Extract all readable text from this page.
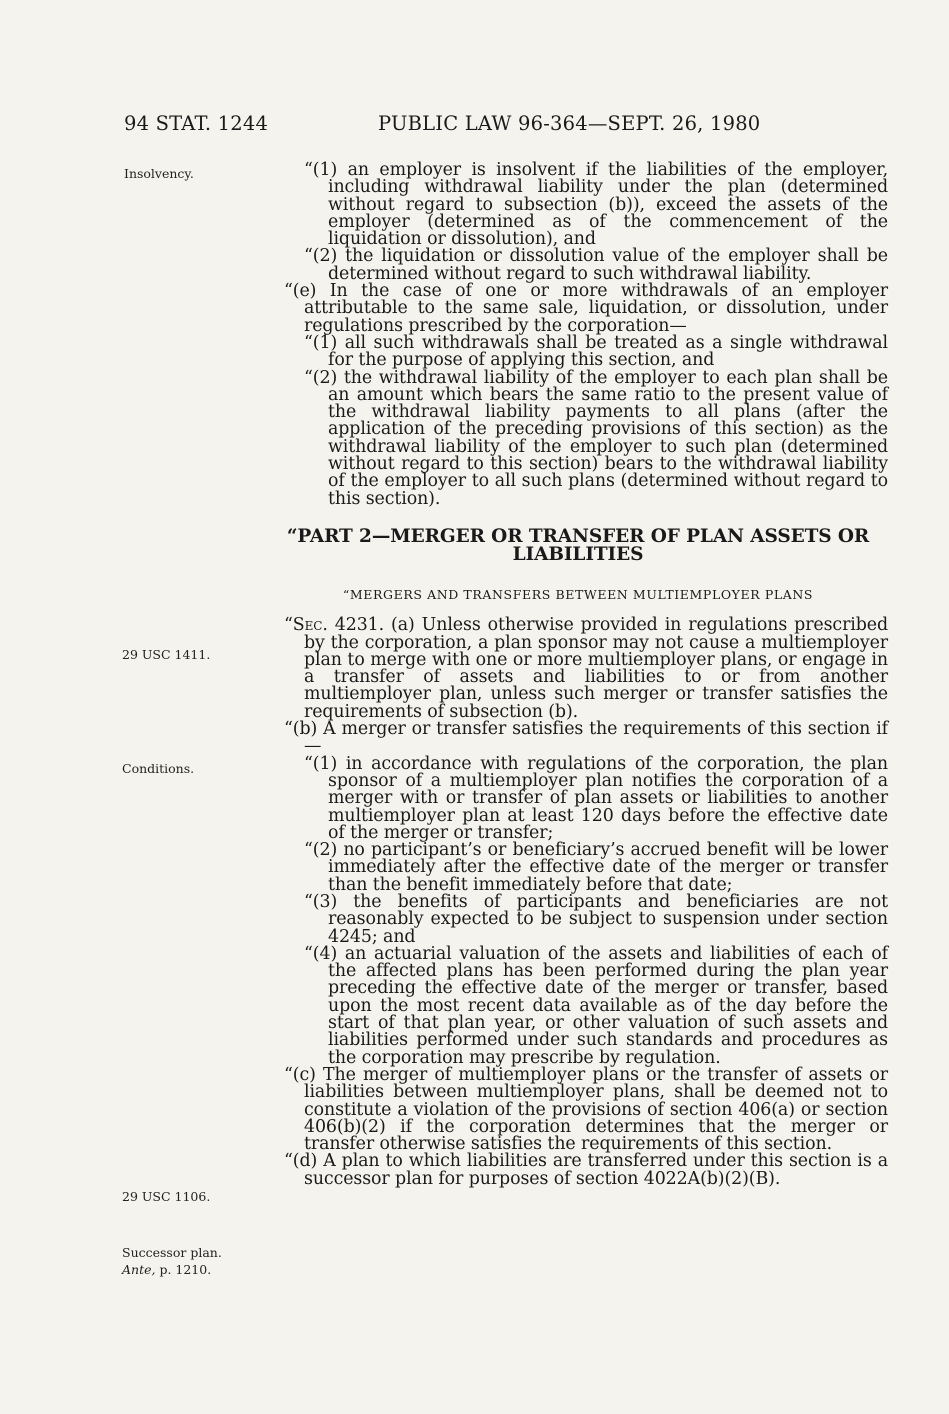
94 STAT. 1244	PUBLIC LAW 96-364—SEPT. 26, 1980
Insolvency.
29 USC 1411.
Conditions.
29 USC 1106.
Successor plan.
Ante, p. 1210.

“(1) an employer is insolvent if the liabilities of the employer, including withdrawal liability under the plan (determined without regard to subsection (b)), exceed the assets of the employer (determined as of the commencement of the liquidation or dissolution), and

“(2) the liquidation or dissolution value of the employer shall be determined without regard to such withdrawal liability.

“(e) In the case of one or more withdrawals of an employer attributable to the same sale, liquidation, or dissolution, under regulations prescribed by the corporation—

“(1) all such withdrawals shall be treated as a single withdrawal for the purpose of applying this section, and

“(2) the withdrawal liability of the employer to each plan shall be an amount which bears the same ratio to the present value of the withdrawal liability payments to all plans (after the application of the preceding provisions of this section) as the withdrawal liability of the employer to such plan (determined without regard to this section) bears to the withdrawal liability of the employer to all such plans (determined without regard to this section).

“PART 2—MERGER OR TRANSFER OF PLAN ASSETS OR LIABILITIES

“MERGERS AND TRANSFERS BETWEEN MULTIEMPLOYER PLANS

“Sec. 4231. (a) Unless otherwise provided in regulations prescribed by the corporation, a plan sponsor may not cause a multiemployer plan to merge with one or more multiemployer plans, or engage in a transfer of assets and liabilities to or from another multiemployer plan, unless such merger or transfer satisfies the requirements of subsection (b).

“(b) A merger or transfer satisfies the requirements of this section if—

“(1) in accordance with regulations of the corporation, the plan sponsor of a multiemployer plan notifies the corporation of a merger with or transfer of plan assets or liabilities to another multiemployer plan at least 120 days before the effective date of the merger or transfer;

“(2) no participant’s or beneficiary’s accrued benefit will be lower immediately after the effective date of the merger or transfer than the benefit immediately before that date;

“(3) the benefits of participants and beneficiaries are not reasonably expected to be subject to suspension under section 4245; and

“(4) an actuarial valuation of the assets and liabilities of each of the affected plans has been performed during the plan year preceding the effective date of the merger or transfer, based upon the most recent data available as of the day before the start of that plan year, or other valuation of such assets and liabilities performed under such standards and procedures as the corporation may prescribe by regulation.

“(c) The merger of multiemployer plans or the transfer of assets or liabilities between multiemployer plans, shall be deemed not to constitute a violation of the provisions of section 406(a) or section 406(b)(2) if the corporation determines that the merger or transfer otherwise satisfies the requirements of this section.

“(d) A plan to which liabilities are transferred under this section is a successor plan for purposes of section 4022A(b)(2)(B).
